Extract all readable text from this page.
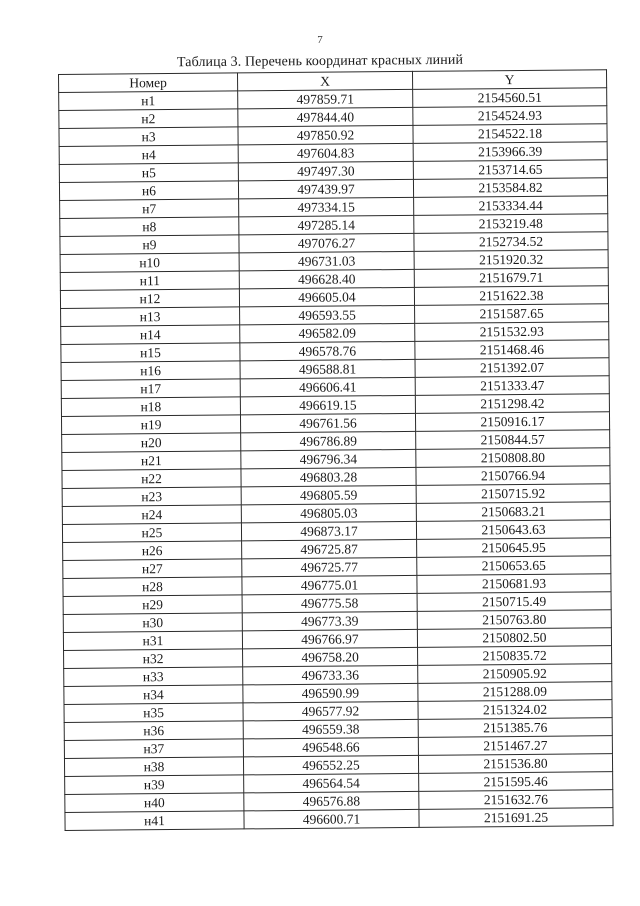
7
Таблица 3. Перечень координат красных линий
Номер	X	Y
н1	497859.71	2154560.51
н2	497844.40	2154524.93
н3	497850.92	2154522.18
н4	497604.83	2153966.39
н5	497497.30	2153714.65
н6	497439.97	2153584.82
н7	497334.15	2153334.44
н8	497285.14	2153219.48
н9	497076.27	2152734.52
н10	496731.03	2151920.32
н11	496628.40	2151679.71
н12	496605.04	2151622.38
н13	496593.55	2151587.65
н14	496582.09	2151532.93
н15	496578.76	2151468.46
н16	496588.81	2151392.07
н17	496606.41	2151333.47
н18	496619.15	2151298.42
н19	496761.56	2150916.17
н20	496786.89	2150844.57
н21	496796.34	2150808.80
н22	496803.28	2150766.94
н23	496805.59	2150715.92
н24	496805.03	2150683.21
н25	496873.17	2150643.63
н26	496725.87	2150645.95
н27	496725.77	2150653.65
н28	496775.01	2150681.93
н29	496775.58	2150715.49
н30	496773.39	2150763.80
н31	496766.97	2150802.50
н32	496758.20	2150835.72
н33	496733.36	2150905.92
н34	496590.99	2151288.09
н35	496577.92	2151324.02
н36	496559.38	2151385.76
н37	496548.66	2151467.27
н38	496552.25	2151536.80
н39	496564.54	2151595.46
н40	496576.88	2151632.76
н41	496600.71	2151691.25
